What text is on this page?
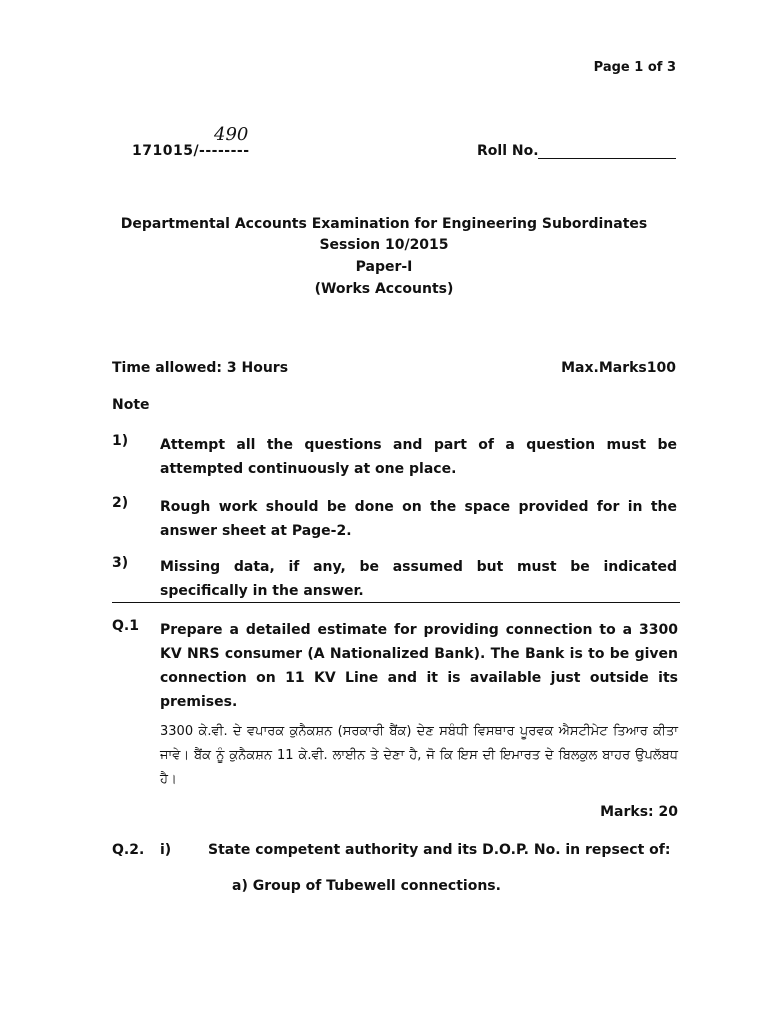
Page 1 of 3
171015/--------
490
Roll No.
Departmental Accounts Examination for Engineering Subordinates
Session 10/2015
Paper-I
(Works Accounts)
Time allowed: 3 Hours	Max.Marks100
Note
1) Attempt all the questions and part of a question must be attempted continuously at one place.
2) Rough work should be done on the space provided for in the answer sheet at Page-2.
3) Missing data, if any, be assumed but must be indicated specifically in the answer.
Q.1 Prepare a detailed estimate for providing connection to a 3300 KV NRS consumer (A Nationalized Bank). The Bank is to be given connection on 11 KV Line and it is available just outside its premises.
3300 ਕੇ.ਵੀ. ਦੇ ਵਪਾਰਕ ਕੁਨੈਕਸ਼ਨ (ਸਰਕਾਰੀ ਬੈਂਕ) ਦੇਣ ਸਬੰਧੀ ਵਿਸਥਾਰ ਪੂਰਵਕ ਐਸਟੀਮੇਟ ਤਿਆਰ ਕੀਤਾ ਜਾਵੇ। ਬੈਂਕ ਨੂੰ ਕੁਨੈਕਸ਼ਨ 11 ਕੇ.ਵੀ. ਲਾਈਨ ਤੇ ਦੇਣਾ ਹੈ, ਜੋ ਕਿ ਇਸ ਦੀ ਇਮਾਰਤ ਦੇ ਬਿਲਕੁਲ ਬਾਹਰ ਉਪਲੱਬਧ ਹੈ।
Marks: 20
Q.2. i)	State competent authority and its D.O.P. No. in repsect of:
a) Group of Tubewell connections.
